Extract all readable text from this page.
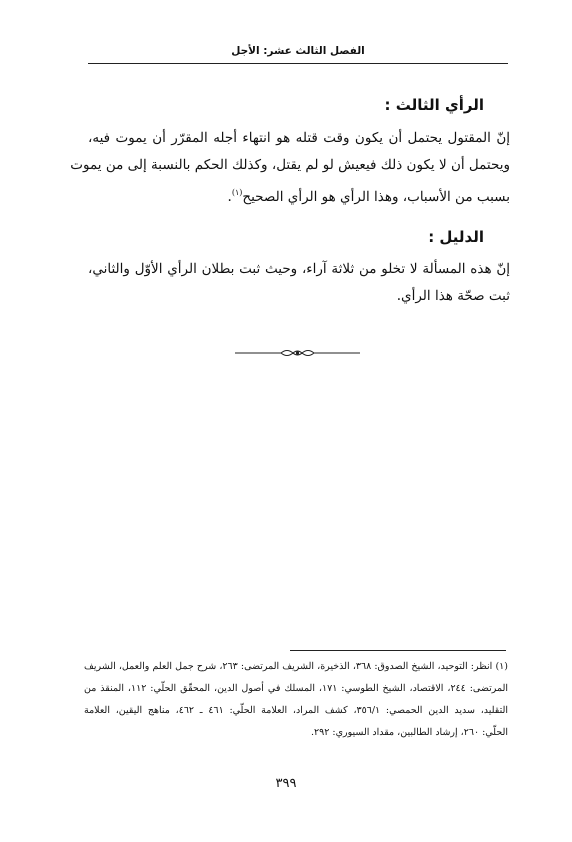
الفصل الثالث عشر: الأجل
الرأي الثالث :
إنّ المقتول يحتمل أن يكون وقت قتله هو انتهاء أجله المقرّر أن يموت فيه،
ويحتمل أن لا يكون ذلك فيعيش لو لم يقتل، وكذلك الحكم بالنسبة إلى من يموت
بسبب من الأسباب، وهذا الرأي هو الرأي الصحيح$^{(١)}$.
الدليل :
إنّ هذه المسألة لا تخلو من ثلاثة آراء، وحيث ثبت بطلان الرأي الأوّل والثاني،
ثبت صحّة هذا الرأي.
(١) انظر: التوحيد، الشيخ الصدوق: ٣٦٨، الذخيرة، الشريف المرتضى: ٢٦٣، شرح جمل العلم والعمل، الشريف
المرتضى: ٢٤٤، الاقتصاد، الشيخ الطوسي: ١٧١، المسلك في أصول الدين، المحقّق الحلّي: ١١٢، المنقذ من
التقليد، سديد الدين الحمصي: ٣٥٦/١، كشف المراد، العلامة الحلّي: ٤٦١ ـ ٤٦٢، مناهج اليقين، العلامة
الحلّي: ٢٦٠، إرشاد الطالبين، مقداد السيوري: ٢٩٢.
٣٩٩
